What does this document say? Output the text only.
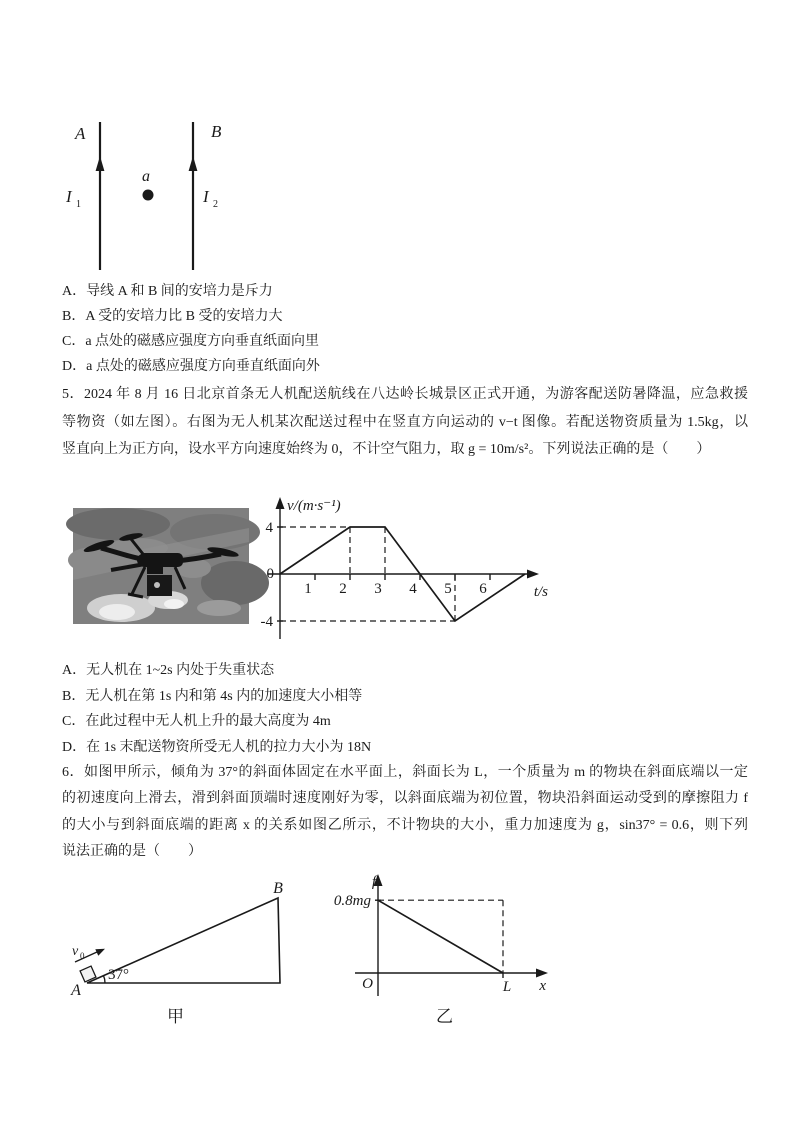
A	B
I 1	I 2
a
A．导线 A 和 B 间的安培力是斥力
B．A 受的安培力比 B 受的安培力大
C．a 点处的磁感应强度方向垂直纸面向里
D．a 点处的磁感应强度方向垂直纸面向外
5．2024 年 8 月 16 日北京首条无人机配送航线在八达岭长城景区正式开通，为游客配送防暑降温，应急救援
等物资（如左图）。右图为无人机某次配送过程中在竖直方向运动的 v−t 图像。若配送物资质量为 1.5kg，以
竖直向上为正方向，设水平方向速度始终为 0，不计空气阻力，取 g = 10m/s²。下列说法正确的是（　　）
1 2 3 4 5 6
4
-4
0
v/(m·s⁻¹)
t/s
A．无人机在 1~2s 内处于失重状态
B．无人机在第 1s 内和第 4s 内的加速度大小相等
C．在此过程中无人机上升的最大高度为 4m
D．在 1s 末配送物资所受无人机的拉力大小为 18N
6．如图甲所示，倾角为 37°的斜面体固定在水平面上，斜面长为 L，一个质量为 m 的物块在斜面底端以一定
的初速度向上滑去，滑到斜面顶端时速度刚好为零，以斜面底端为初位置，物块沿斜面运动受到的摩擦阻力 f
的大小与到斜面底端的距离 x 的关系如图乙所示，不计物块的大小，重力加速度为 g，sin37° = 0.6，则下列
说法正确的是（　　）
B
A
37°
v 0
甲
L
0.8mg
O
f
x
乙
